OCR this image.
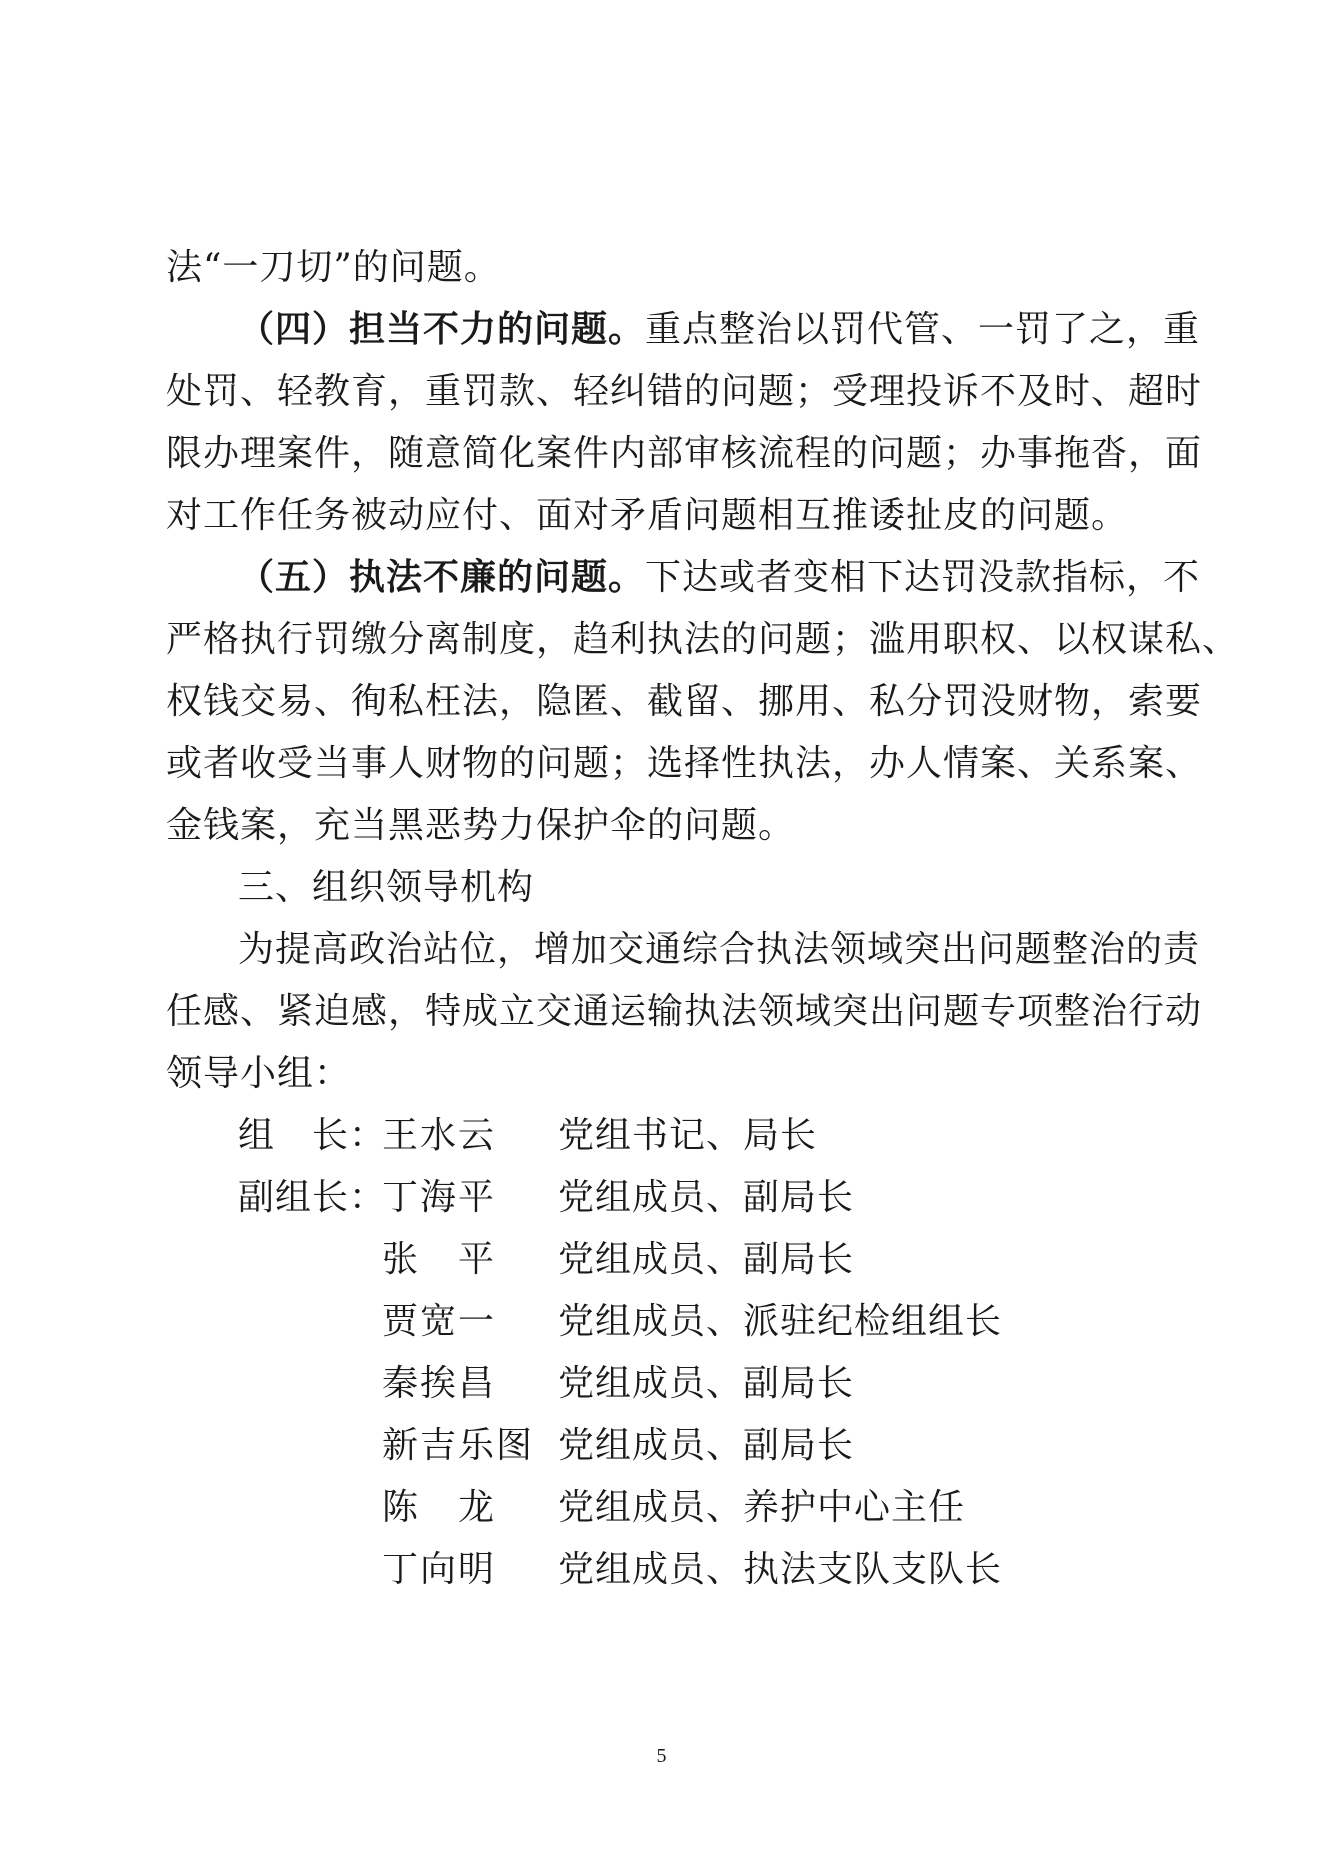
法“一刀切”的问题。
（四）担当不力的问题。重点整治以罚代管、一罚了之，重
处罚、轻教育，重罚款、轻纠错的问题；受理投诉不及时、超时
限办理案件，随意简化案件内部审核流程的问题；办事拖沓，面
对工作任务被动应付、面对矛盾问题相互推诿扯皮的问题。
（五）执法不廉的问题。下达或者变相下达罚没款指标，不
严格执行罚缴分离制度，趋利执法的问题；滥用职权、以权谋私、
权钱交易、徇私枉法，隐匿、截留、挪用、私分罚没财物，索要
或者收受当事人财物的问题；选择性执法，办人情案、关系案、
金钱案，充当黑恶势力保护伞的问题。
三、组织领导机构
为提高政治站位，增加交通综合执法领域突出问题整治的责
任感、紧迫感，特成立交通运输执法领域突出问题专项整治行动
领导小组：
组　长：
王水云	党组书记、局长
副组长：
丁海平	党组成员、副局长
张　平	党组成员、副局长
贾宽一	党组成员、派驻纪检组组长
秦挨昌	党组成员、副局长
新吉乐图 党组成员、副局长
陈　龙	党组成员、养护中心主任
丁向明	党组成员、执法支队支队长
5
